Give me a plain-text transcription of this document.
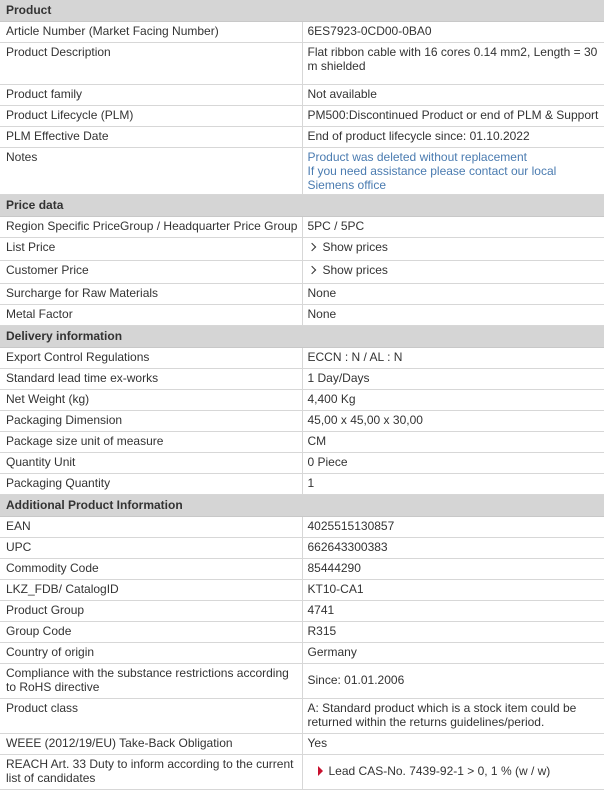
Product	
Article Number (Market Facing Number)	6ES7923-0CD00-0BA0
Product Description	Flat ribbon cable with 16 cores 0.14 mm2, Length = 30 m shielded
Product family	Not available
Product Lifecycle (PLM)	PM500:Discontinued Product or end of PLM & Support
PLM Effective Date	End of product lifecycle since: 01.10.2022
Notes	Product was deleted without replacement
If you need assistance please contact our local Siemens office

Price data	
Region Specific PriceGroup / Headquarter Price Group	5PC / 5PC
List Price	Show prices
Customer Price	Show prices
Surcharge for Raw Materials	None
Metal Factor	None
Delivery information	
Export Control Regulations	ECCN : N / AL : N
Standard lead time ex-works	1 Day/Days
Net Weight (kg)	4,400 Kg
Packaging Dimension	45,00 x 45,00 x 30,00
Package size unit of measure	CM
Quantity Unit	0 Piece
Packaging Quantity	1
Additional Product Information	
EAN	4025515130857
UPC	662643300383
Commodity Code	85444290
LKZ_FDB/ CatalogID	KT10-CA1
Product Group	4741
Group Code	R315
Country of origin	Germany
Compliance with the substance restrictions according to RoHS directive	Since: 01.01.2006
Product class	A: Standard product which is a stock item could be returned within the returns guidelines/period.
WEEE (2012/19/EU) Take-Back Obligation	Yes
REACH Art. 33 Duty to inform according to the current list of candidates	Lead CAS-No. 7439-92-1 > 0, 1 % (w / w)
